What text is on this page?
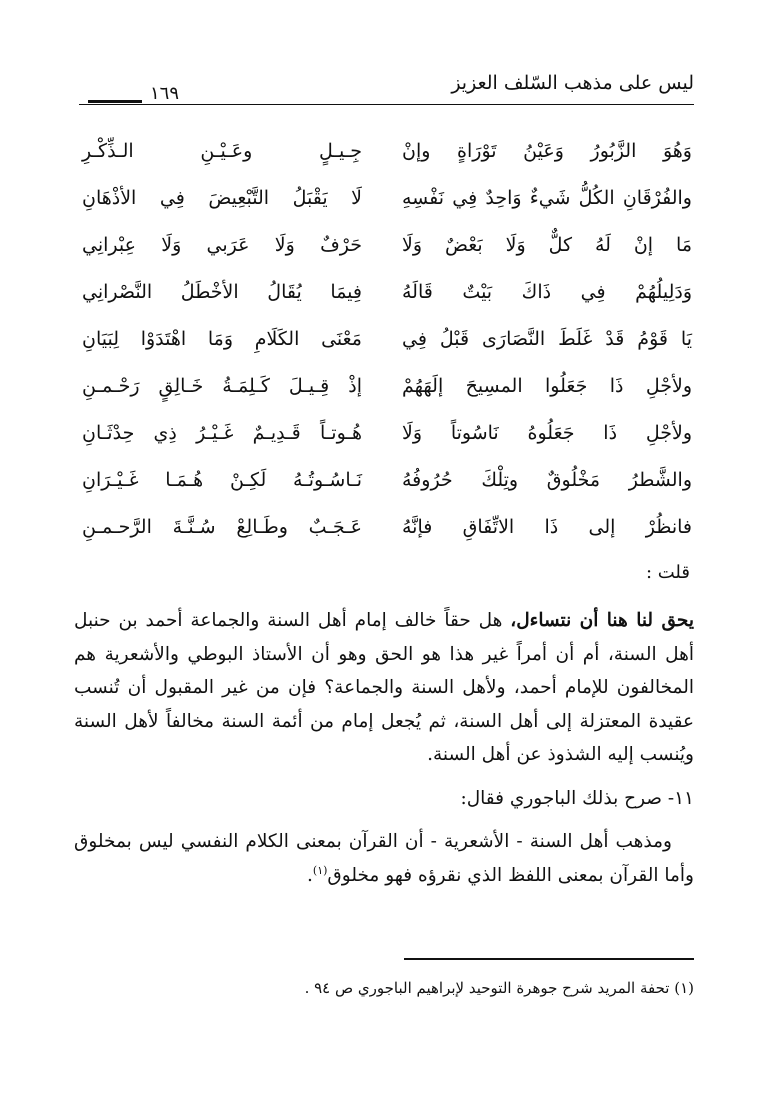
ليس على مذهب السّلف العزيز
١٦٩
وَهُوَ الزَّبُورُ وَعَيْنُ تَوْرَاةٍ وإنْ
جِـيـلٍ وعَـيْـنِ الـذِّكْـرِ
والفُرْقَانِ الكُلُّ شَيءٌ وَاحِدٌ فِي نَفْسِهِ
لَا يَقْبَلُ التَّبْعِيضَ فِي الأذْهَانِ
مَا إنْ لَهُ كلٌّ وَلَا بَعْضٌ وَلَا
حَرْفٌ وَلَا عَرَبي وَلَا عِبْرانِي
وَدَلِيلُهُمْ فِي ذَاكَ بَيْتٌ قَالَهُ
فِيمَا يُقَالُ الأخْطَلُ النَّصْرانِي
يَا قَوْمُ قَدْ غَلَطَ النَّصَارَى قَبْلُ فِي
مَعْنَى الكَلَامِ وَمَا اهْتَدَوْا لِبَيَانِ
ولأجْلِ ذَا جَعَلُوا المسِيحَ إلَهَهُمْ
إذْ قِـيـلَ كَـلِمَـةُ خَـالِقٍ رَحْـمـنِ
ولأجْلِ ذَا جَعَلُوهُ نَاسُوتاً وَلَا
هُـوتـاً قَـدِيـمٌ غَـيْـرُ ذِي حِدْثَـانِ
والشَّطرُ مَخْلُوقٌ وتِلْكَ حُرُوفُهُ
نَـاسُـوتُـهُ لَكِـنْ هُـمَـا غَـيْـرَانِ
فانظُرْ إلى ذَا الاتِّفَاقِ فإنَّهُ
عَـجَـبٌ وطَـالِعْ سُـنَّـةَ الرَّحـمـنِ
قلت :

يحق لنا هنا أن نتساءل، هل حقاً خالف إمام أهل السنة والجماعة أحمد بن حنبل أهل السنة، أم أن أمراً غير هذا هو الحق وهو أن الأستاذ البوطي والأشعرية هم المخالفون للإمام أحمد، ولأهل السنة والجماعة؟ فإن من غير المقبول أن تُنسب عقيدة المعتزلة إلى أهل السنة، ثم يُجعل إمام من أئمة السنة مخالفاً لأهل السنة ويُنسب إليه الشذوذ عن أهل السنة.

١١- صرح بذلك الباجوري فقال:

ومذهب أهل السنة - الأشعرية - أن القرآن بمعنى الكلام النفسي ليس بمخلوق وأما القرآن بمعنى اللفظ الذي نقرؤه فهو مخلوق$^{(١)}$.

(١) تحفة المريد شرح جوهرة التوحيد لإبراهيم الباجوري ص ٩٤ .
